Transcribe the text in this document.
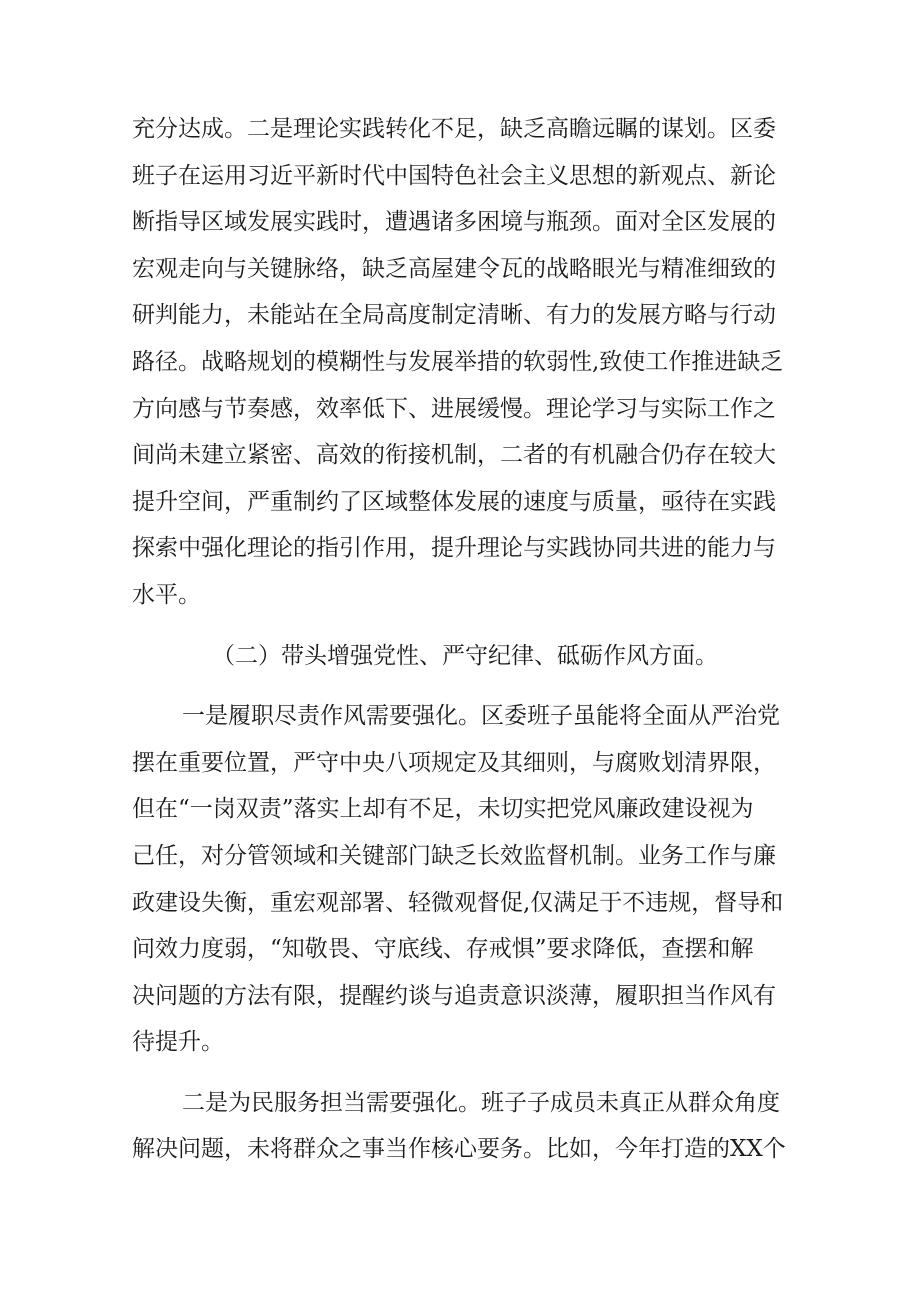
充分达成。二是理论实践转化不足，缺乏高瞻远瞩的谋划。区委
班子在运用习近平新时代中国特色社会主义思想的新观点、新论
断指导区域发展实践时，遭遇诸多困境与瓶颈。面对全区发展的
宏观走向与关键脉络，缺乏高屋建令瓦的战略眼光与精准细致的
研判能力，未能站在全局高度制定清晰、有力的发展方略与行动
路径。战略规划的模糊性与发展举措的软弱性,致使工作推进缺乏
方向感与节奏感，效率低下、进展缓慢。理论学习与实际工作之
间尚未建立紧密、高效的衔接机制，二者的有机融合仍存在较大
提升空间，严重制约了区域整体发展的速度与质量，亟待在实践
探索中强化理论的指引作用，提升理论与实践协同共进的能力与
水平。
（二）带头增强党性、严守纪律、砥砺作风方面。
一是履职尽责作风需要强化。区委班子虽能将全面从严治党
摆在重要位置，严守中央八项规定及其细则，与腐败划清界限，
但在“一岗双责”落实上却有不足，未切实把党风廉政建设视为
己任，对分管领域和关键部门缺乏长效监督机制。业务工作与廉
政建设失衡，重宏观部署、轻微观督促,仅满足于不违规，督导和
问效力度弱，“知敬畏、守底线、存戒惧”要求降低，查摆和解
决问题的方法有限，提醒约谈与追责意识淡薄，履职担当作风有
待提升。
二是为民服务担当需要强化。班子子成员未真正从群众角度
解决问题，未将群众之事当作核心要务。比如，今年打造的XX个
